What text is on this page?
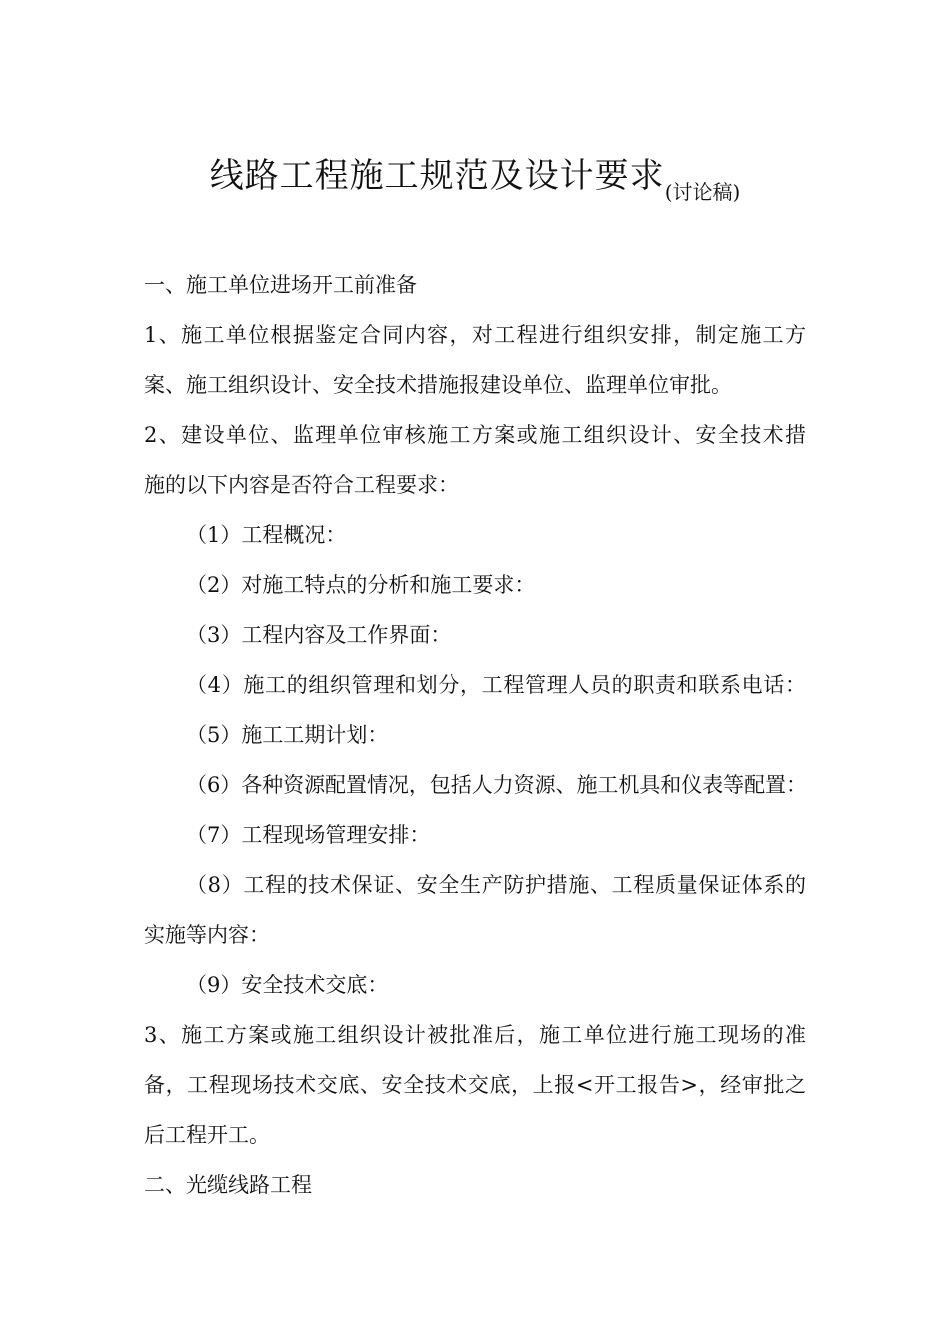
线路工程施工规范及设计要求$_{(讨论稿)}$
一、施工单位进场开工前准备
1、施工单位根据鉴定合同内容，对工程进行组织安排，制定施工方
案、施工组织设计、安全技术措施报建设单位、监理单位审批。
2、建设单位、监理单位审核施工方案或施工组织设计、安全技术措
施的以下内容是否符合工程要求：
（1）工程概况：
（2）对施工特点的分析和施工要求：
（3）工程内容及工作界面：
（4）施工的组织管理和划分，工程管理人员的职责和联系电话：
（5）施工工期计划：
（6）各种资源配置情况，包括人力资源、施工机具和仪表等配置：
（7）工程现场管理安排：
（8）工程的技术保证、安全生产防护措施、工程质量保证体系的
实施等内容：
（9）安全技术交底：
3、施工方案或施工组织设计被批准后，施工单位进行施工现场的准
备，工程现场技术交底、安全技术交底，上报<开工报告>，经审批之
后工程开工。
二、光缆线路工程
